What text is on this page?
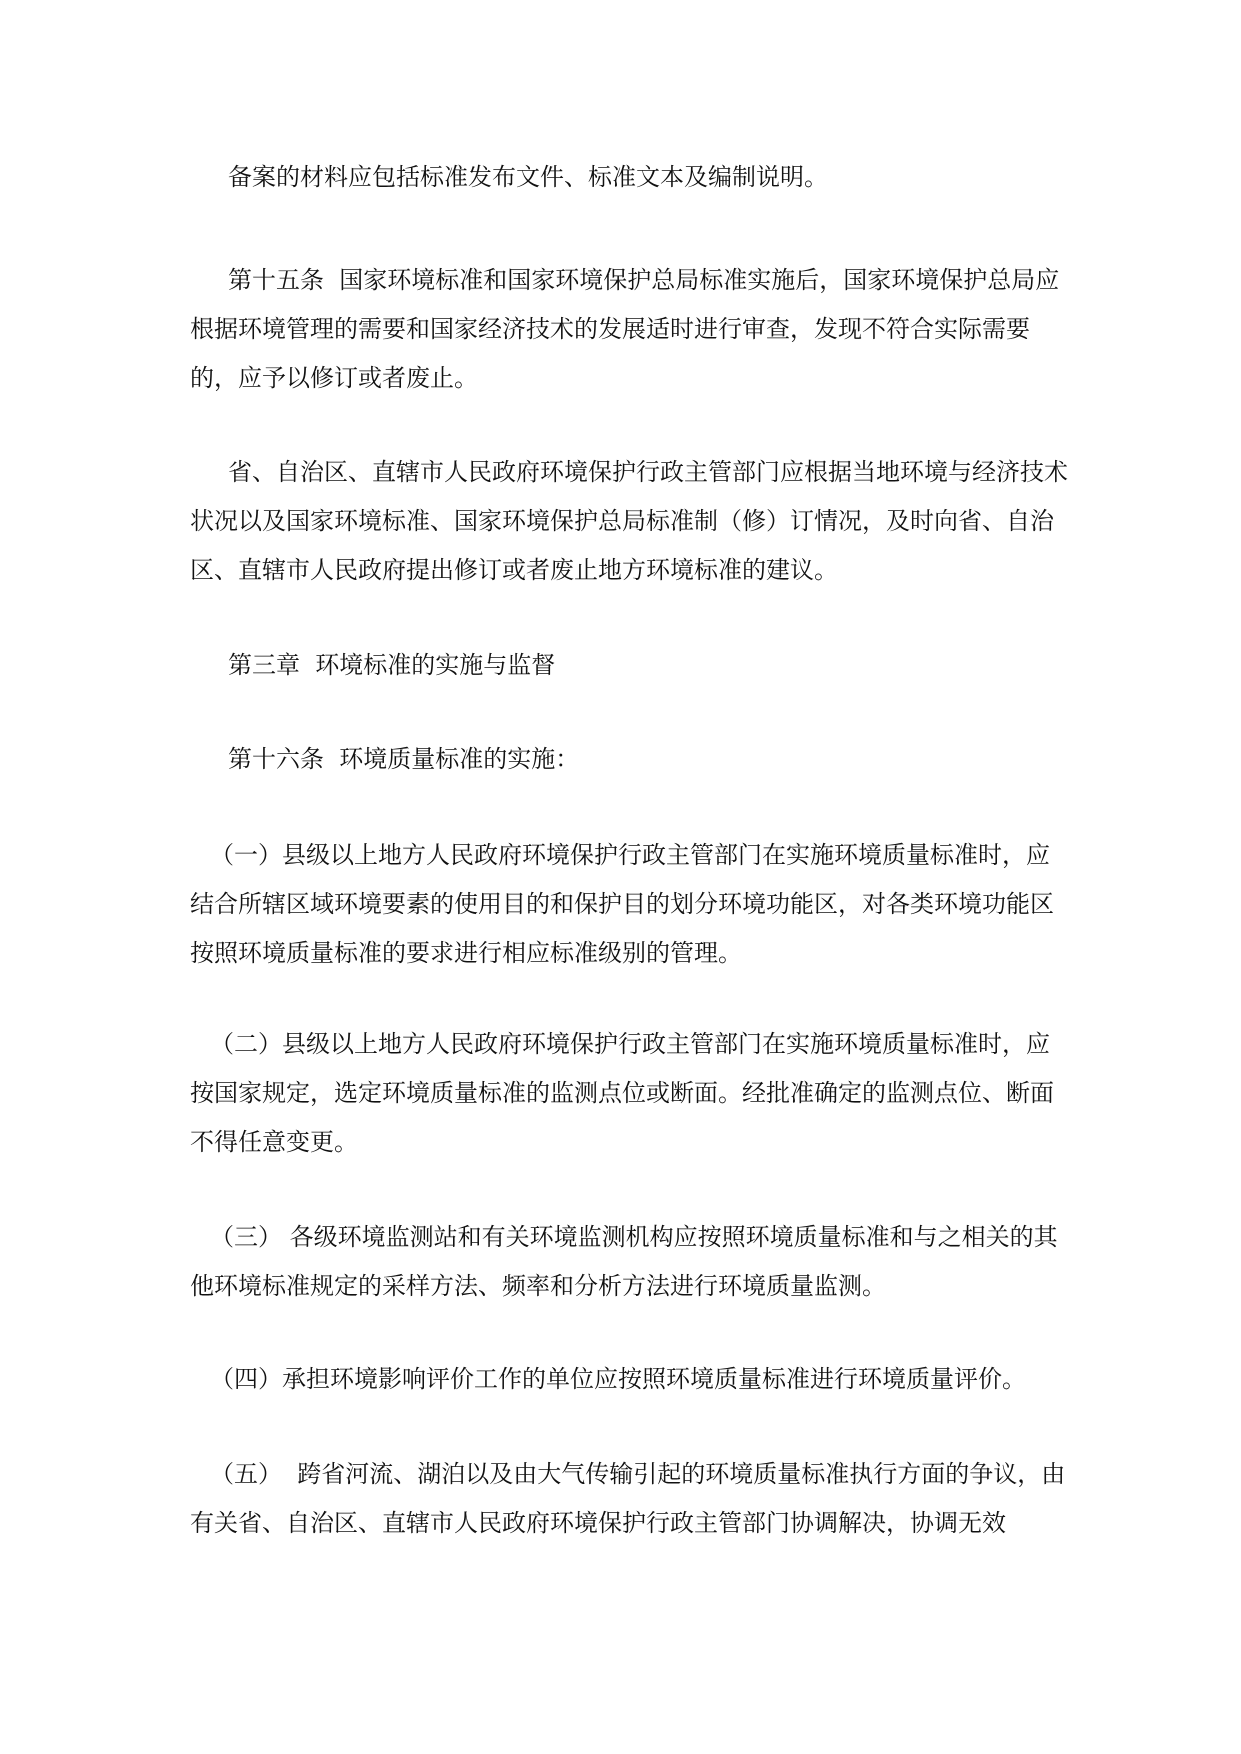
备案的材料应包括标准发布文件、标准文本及编制说明。

第十五条  国家环境标准和国家环境保护总局标准实施后，国家环境保护总局应根据环境管理的需要和国家经济技术的发展适时进行审查，发现不符合实际需要的，应予以修订或者废止。

省、自治区、直辖市人民政府环境保护行政主管部门应根据当地环境与经济技术状况以及国家环境标准、国家环境保护总局标准制（修）订情况，及时向省、自治区、直辖市人民政府提出修订或者废止地方环境标准的建议。

第三章  环境标准的实施与监督

第十六条  环境质量标准的实施：

（一）县级以上地方人民政府环境保护行政主管部门在实施环境质量标准时，应结合所辖区域环境要素的使用目的和保护目的划分环境功能区，对各类环境功能区按照环境质量标准的要求进行相应标准级别的管理。

（二）县级以上地方人民政府环境保护行政主管部门在实施环境质量标准时，应按国家规定，选定环境质量标准的监测点位或断面。经批准确定的监测点位、断面不得任意变更。

（三） 各级环境监测站和有关环境监测机构应按照环境质量标准和与之相关的其他环境标准规定的采样方法、频率和分析方法进行环境质量监测。

（四）承担环境影响评价工作的单位应按照环境质量标准进行环境质量评价。

（五）  跨省河流、湖泊以及由大气传输引起的环境质量标准执行方面的争议，由有关省、自治区、直辖市人民政府环境保护行政主管部门协调解决，协调无效
